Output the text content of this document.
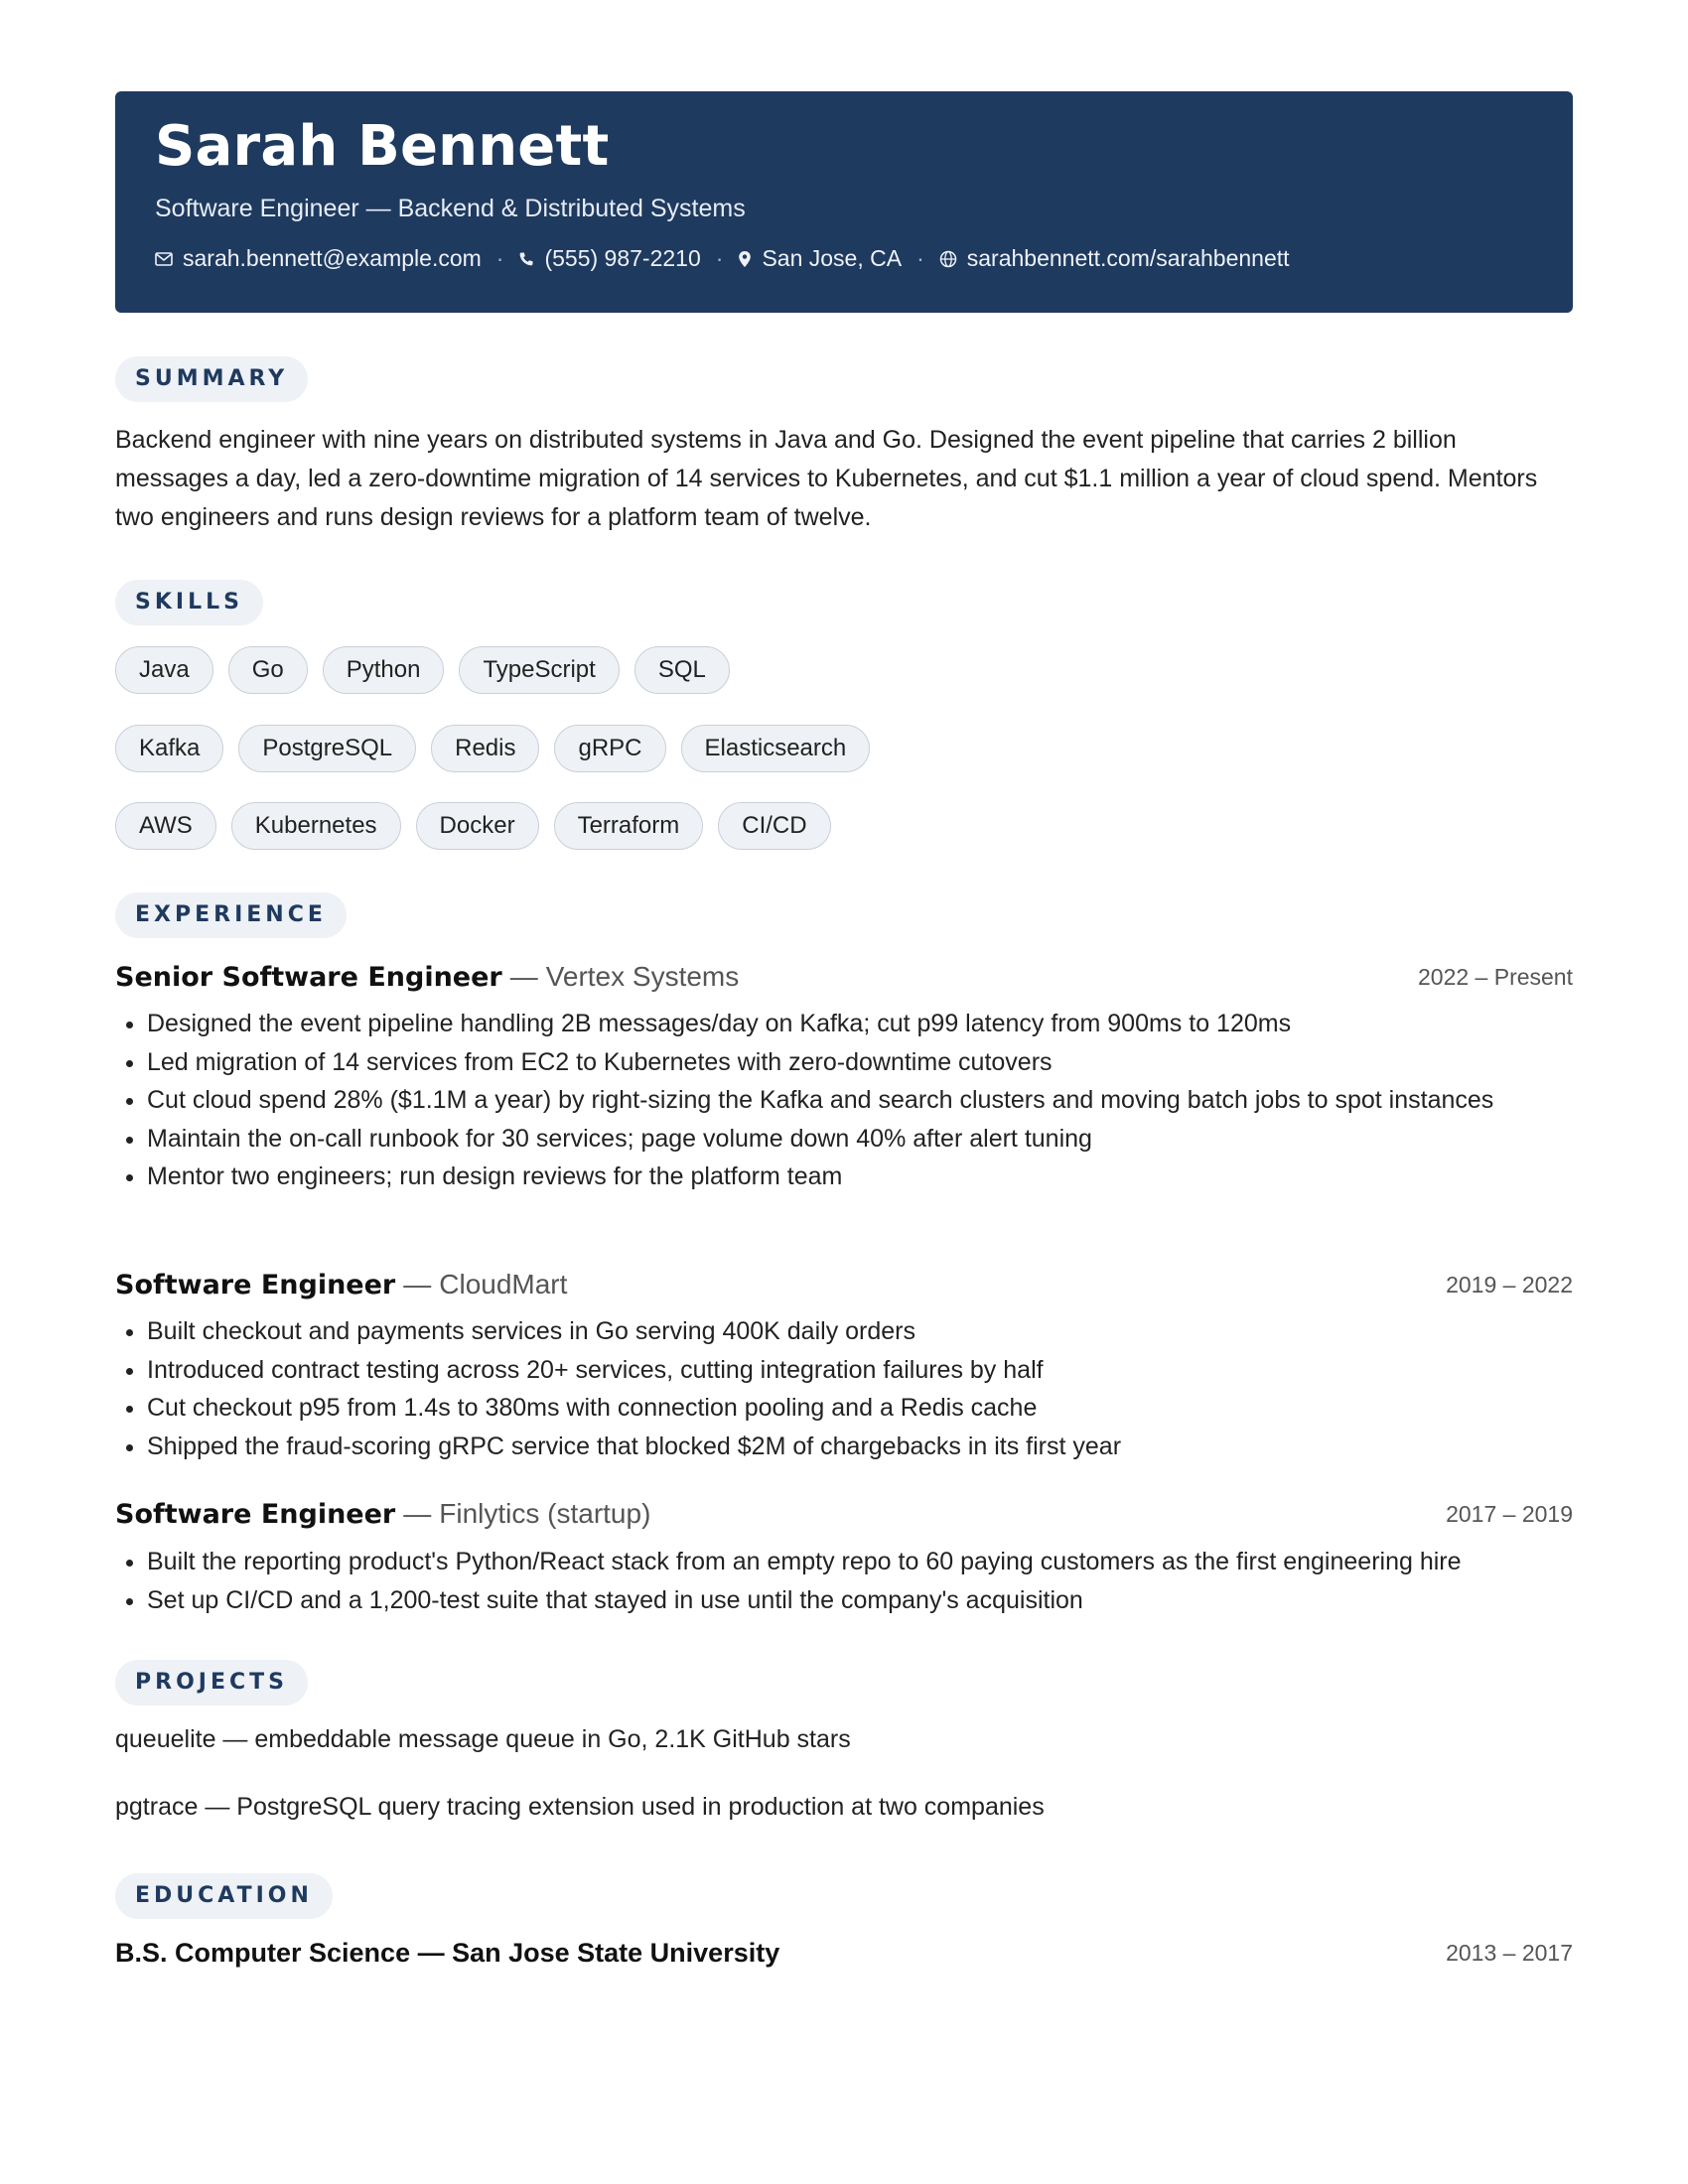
Sarah Bennett
Software Engineer — Backend & Distributed Systems
sarah.bennett@example.com · (555) 987-2210 · San Jose, CA · sarahbennett.com/sarahbennett
SUMMARY
Backend engineer with nine years on distributed systems in Java and Go. Designed the event pipeline that carries 2 billion messages a day, led a zero-downtime migration of 14 services to Kubernetes, and cut $1.1 million a year of cloud spend. Mentors two engineers and runs design reviews for a platform team of twelve.
SKILLS
Java	Go	Python	TypeScript	SQL
Kafka	PostgreSQL	Redis	gRPC	Elasticsearch
AWS	Kubernetes	Docker	Terraform	CI/CD
EXPERIENCE
Senior Software Engineer — Vertex Systems	2022 – Present
• Designed the event pipeline handling 2B messages/day on Kafka; cut p99 latency from 900ms to 120ms
• Led migration of 14 services from EC2 to Kubernetes with zero-downtime cutovers
• Cut cloud spend 28% ($1.1M a year) by right-sizing the Kafka and search clusters and moving batch jobs to spot instances
• Maintain the on-call runbook for 30 services; page volume down 40% after alert tuning
• Mentor two engineers; run design reviews for the platform team
Software Engineer — CloudMart	2019 – 2022
• Built checkout and payments services in Go serving 400K daily orders
• Introduced contract testing across 20+ services, cutting integration failures by half
• Cut checkout p95 from 1.4s to 380ms with connection pooling and a Redis cache
• Shipped the fraud-scoring gRPC service that blocked $2M of chargebacks in its first year
Software Engineer — Finlytics (startup)	2017 – 2019
• Built the reporting product's Python/React stack from an empty repo to 60 paying customers as the first engineering hire
• Set up CI/CD and a 1,200-test suite that stayed in use until the company's acquisition
PROJECTS
queuelite — embeddable message queue in Go, 2.1K GitHub stars
pgtrace — PostgreSQL query tracing extension used in production at two companies
EDUCATION
B.S. Computer Science — San Jose State University	2013 – 2017
